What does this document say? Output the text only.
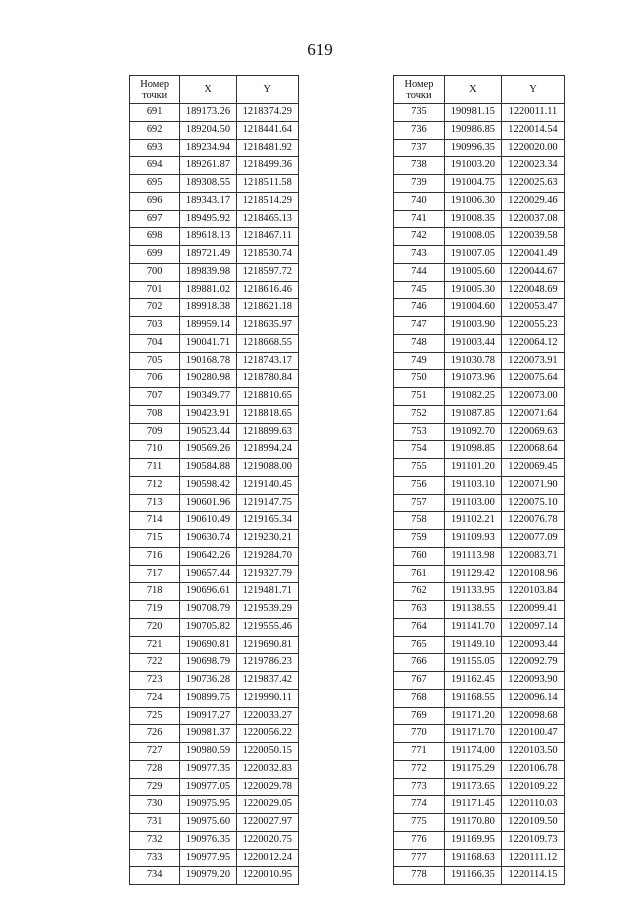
619
Номер
точки	X	Y
691	189173.26	1218374.29
692	189204.50	1218441.64
693	189234.94	1218481.92
694	189261.87	1218499.36
695	189308.55	1218511.58
696	189343.17	1218514.29
697	189495.92	1218465.13
698	189618.13	1218467.11
699	189721.49	1218530.74
700	189839.98	1218597.72
701	189881.02	1218616.46
702	189918.38	1218621.18
703	189959.14	1218635.97
704	190041.71	1218668.55
705	190168.78	1218743.17
706	190280.98	1218780.84
707	190349.77	1218810.65
708	190423.91	1218818.65
709	190523.44	1218899.63
710	190569.26	1218994.24
711	190584.88	1219088.00
712	190598.42	1219140.45
713	190601.96	1219147.75
714	190610.49	1219165.34
715	190630.74	1219230.21
716	190642.26	1219284.70
717	190657.44	1219327.79
718	190696.61	1219481.71
719	190708.79	1219539.29
720	190705.82	1219555.46
721	190690.81	1219690.81
722	190698.79	1219786.23
723	190736.28	1219837.42
724	190899.75	1219990.11
725	190917.27	1220033.27
726	190981.37	1220056.22
727	190980.59	1220050.15
728	190977.35	1220032.83
729	190977.05	1220029.78
730	190975.95	1220029.05
731	190975.60	1220027.97
732	190976.35	1220020.75
733	190977.95	1220012.24
734	190979.20	1220010.95
Номер
точки	X	Y
735	190981.15	1220011.11
736	190986.85	1220014.54
737	190996.35	1220020.00
738	191003.20	1220023.34
739	191004.75	1220025.63
740	191006.30	1220029.46
741	191008.35	1220037.08
742	191008.05	1220039.58
743	191007.05	1220041.49
744	191005.60	1220044.67
745	191005.30	1220048.69
746	191004.60	1220053.47
747	191003.90	1220055.23
748	191003.44	1220064.12
749	191030.78	1220073.91
750	191073.96	1220075.64
751	191082.25	1220073.00
752	191087.85	1220071.64
753	191092.70	1220069.63
754	191098.85	1220068.64
755	191101.20	1220069.45
756	191103.10	1220071.90
757	191103.00	1220075.10
758	191102.21	1220076.78
759	191109.93	1220077.09
760	191113.98	1220083.71
761	191129.42	1220108.96
762	191133.95	1220103.84
763	191138.55	1220099.41
764	191141.70	1220097.14
765	191149.10	1220093.44
766	191155.05	1220092.79
767	191162.45	1220093.90
768	191168.55	1220096.14
769	191171.20	1220098.68
770	191171.70	1220100.47
771	191174.00	1220103.50
772	191175.29	1220106.78
773	191173.65	1220109.22
774	191171.45	1220110.03
775	191170.80	1220109.50
776	191169.95	1220109.73
777	191168.63	1220111.12
778	191166.35	1220114.15
